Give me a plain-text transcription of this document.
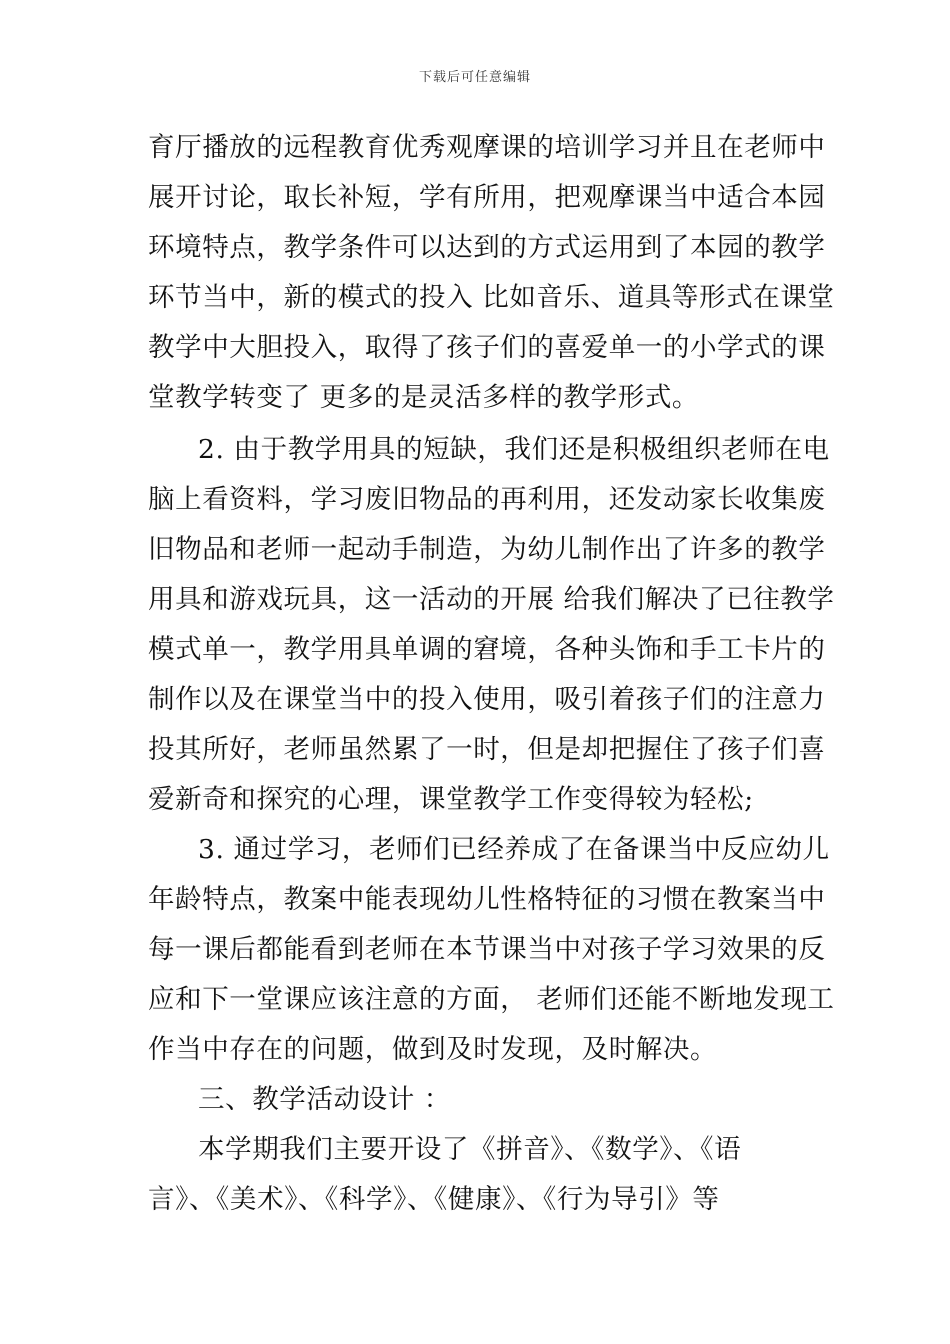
下载后可任意编辑
育厅播放的远程教育优秀观摩课的培训学习并且在老师中
展开讨论，取长补短，学有所用，把观摩课当中适合本园
环境特点，教学条件可以达到的方式运用到了本园的教学
环节当中，新的模式的投入 比如音乐、道具等形式在课堂
教学中大胆投入，取得了孩子们的喜爱单一的小学式的课
堂教学转变了 更多的是灵活多样的教学形式。
2. 由于教学用具的短缺，我们还是积极组织老师在电
脑上看资料，学习废旧物品的再利用，还发动家长收集废
旧物品和老师一起动手制造，为幼儿制作出了许多的教学
用具和游戏玩具，这一活动的开展 给我们解决了已往教学
模式单一，教学用具单调的窘境，各种头饰和手工卡片的
制作以及在课堂当中的投入使用，吸引着孩子们的注意力
投其所好，老师虽然累了一时，但是却把握住了孩子们喜
爱新奇和探究的心理，课堂教学工作变得较为轻松;
3. 通过学习，老师们已经养成了在备课当中反应幼儿
年龄特点，教案中能表现幼儿性格特征的习惯在教案当中
每一课后都能看到老师在本节课当中对孩子学习效果的反
应和下一堂课应该注意的方面， 老师们还能不断地发现工
作当中存在的问题，做到及时发现，及时解决。
三、教学活动设计 ：
本学期我们主要开设了《拼音》、《数学》、《语
言》、《美术》、《科学》、《健康》、《行为导引》等
